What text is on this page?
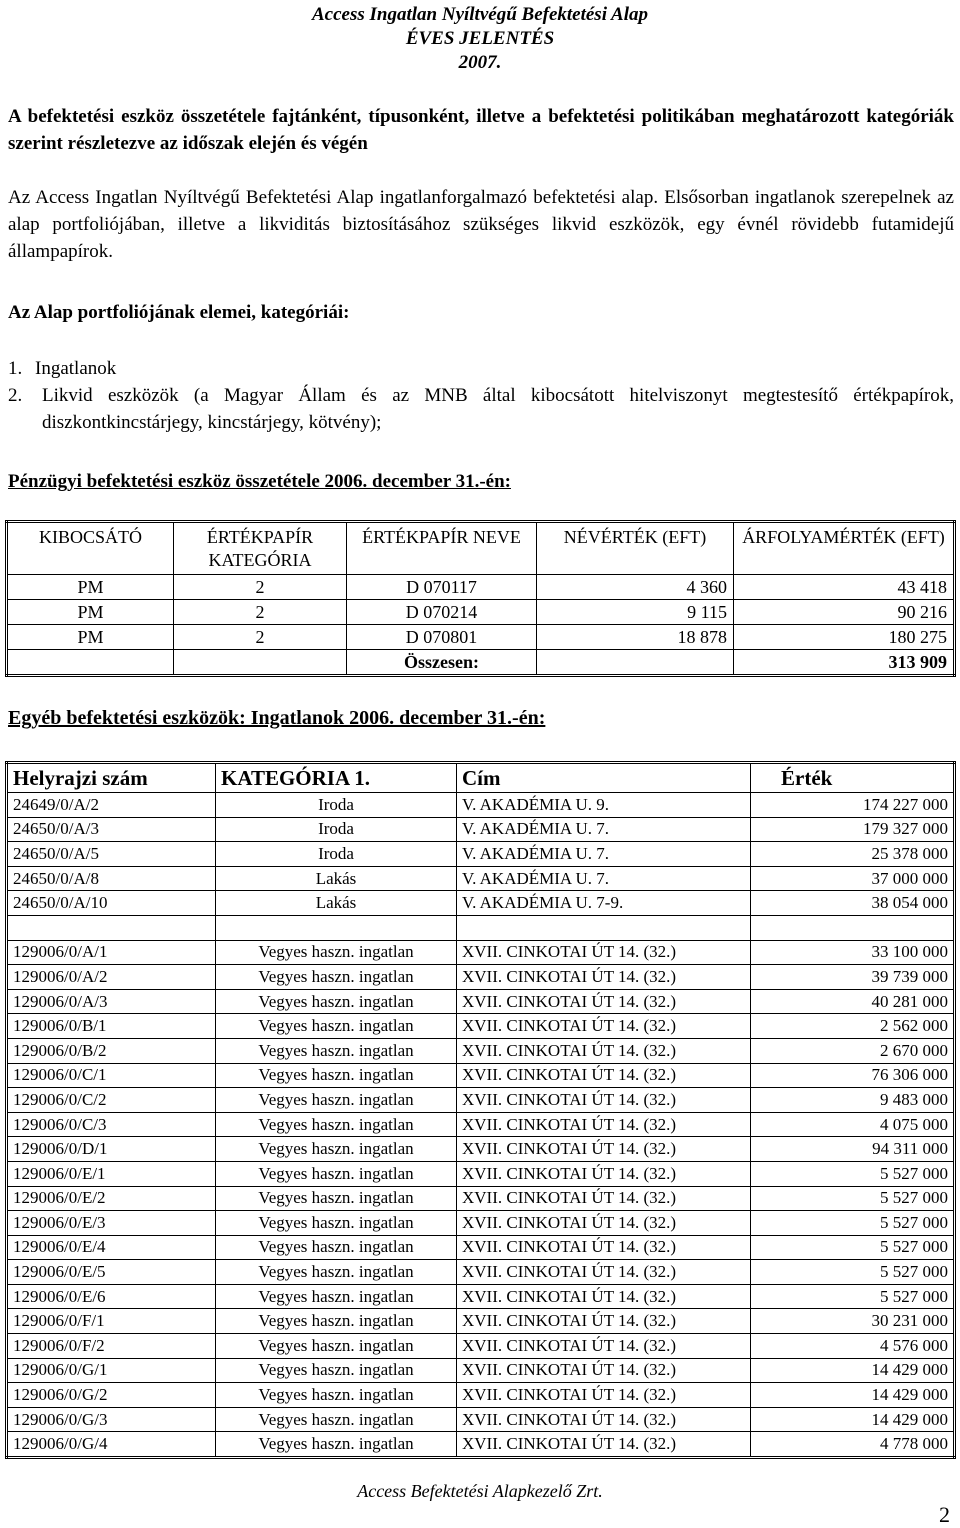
Access Ingatlan Nyíltvégű Befektetési Alap
ÉVES JELENTÉS
2007.
A befektetési eszköz összetétele fajtánként, típusonként, illetve a befektetési politikában meghatározott kategóriák szerint részletezve az időszak elején és végén
Az Access Ingatlan Nyíltvégű Befektetési Alap ingatlanforgalmazó befektetési alap. Elsősorban ingatlanok szerepelnek az alap portfoliójában, illetve a likviditás biztosításához szükséges likvid eszközök, egy évnél rövidebb futamidejű állampapírok.
Az Alap portfoliójának elemei, kategóriái:
1. Ingatlanok
2. Likvid eszközök (a Magyar Állam és az MNB által kibocsátott hitelviszonyt megtestesítő értékpapírok, diszkontkincstárjegy, kincstárjegy, kötvény);
Pénzügyi befektetési eszköz összetétele 2006. december 31.-én:
KIBOCSÁTÓ	ÉRTÉKPAPÍR KATEGÓRIA	ÉRTÉKPAPÍR NEVE	NÉVÉRTÉK (EFT)	ÁRFOLYAMÉRTÉK (EFT)
PM	2	D 070117	4 360	43 418
PM	2	D 070214	9 115	90 216
PM	2	D 070801	18 878	180 275
		Összesen:		313 909
Egyéb befektetési eszközök: Ingatlanok 2006. december 31.-én:
Helyrajzi szám	KATEGÓRIA 1.	Cím	Érték
24649/0/A/2	Iroda	V. AKADÉMIA U. 9.	174 227 000
24650/0/A/3	Iroda	V. AKADÉMIA U. 7.	179 327 000
24650/0/A/5	Iroda	V. AKADÉMIA U. 7.	25 378 000
24650/0/A/8	Lakás	V. AKADÉMIA U. 7.	37 000 000
24650/0/A/10	Lakás	V. AKADÉMIA U. 7-9.	38 054 000

129006/0/A/1	Vegyes haszn. ingatlan	XVII. CINKOTAI ÚT 14. (32.)	33 100 000
129006/0/A/2	Vegyes haszn. ingatlan	XVII. CINKOTAI ÚT 14. (32.)	39 739 000
129006/0/A/3	Vegyes haszn. ingatlan	XVII. CINKOTAI ÚT 14. (32.)	40 281 000
129006/0/B/1	Vegyes haszn. ingatlan	XVII. CINKOTAI ÚT 14. (32.)	2 562 000
129006/0/B/2	Vegyes haszn. ingatlan	XVII. CINKOTAI ÚT 14. (32.)	2 670 000
129006/0/C/1	Vegyes haszn. ingatlan	XVII. CINKOTAI ÚT 14. (32.)	76 306 000
129006/0/C/2	Vegyes haszn. ingatlan	XVII. CINKOTAI ÚT 14. (32.)	9 483 000
129006/0/C/3	Vegyes haszn. ingatlan	XVII. CINKOTAI ÚT 14. (32.)	4 075 000
129006/0/D/1	Vegyes haszn. ingatlan	XVII. CINKOTAI ÚT 14. (32.)	94 311 000
129006/0/E/1	Vegyes haszn. ingatlan	XVII. CINKOTAI ÚT 14. (32.)	5 527 000
129006/0/E/2	Vegyes haszn. ingatlan	XVII. CINKOTAI ÚT 14. (32.)	5 527 000
129006/0/E/3	Vegyes haszn. ingatlan	XVII. CINKOTAI ÚT 14. (32.)	5 527 000
129006/0/E/4	Vegyes haszn. ingatlan	XVII. CINKOTAI ÚT 14. (32.)	5 527 000
129006/0/E/5	Vegyes haszn. ingatlan	XVII. CINKOTAI ÚT 14. (32.)	5 527 000
129006/0/E/6	Vegyes haszn. ingatlan	XVII. CINKOTAI ÚT 14. (32.)	5 527 000
129006/0/F/1	Vegyes haszn. ingatlan	XVII. CINKOTAI ÚT 14. (32.)	30 231 000
129006/0/F/2	Vegyes haszn. ingatlan	XVII. CINKOTAI ÚT 14. (32.)	4 576 000
129006/0/G/1	Vegyes haszn. ingatlan	XVII. CINKOTAI ÚT 14. (32.)	14 429 000
129006/0/G/2	Vegyes haszn. ingatlan	XVII. CINKOTAI ÚT 14. (32.)	14 429 000
129006/0/G/3	Vegyes haszn. ingatlan	XVII. CINKOTAI ÚT 14. (32.)	14 429 000
129006/0/G/4	Vegyes haszn. ingatlan	XVII. CINKOTAI ÚT 14. (32.)	4 778 000
Access Befektetési Alapkezelő Zrt.
2
